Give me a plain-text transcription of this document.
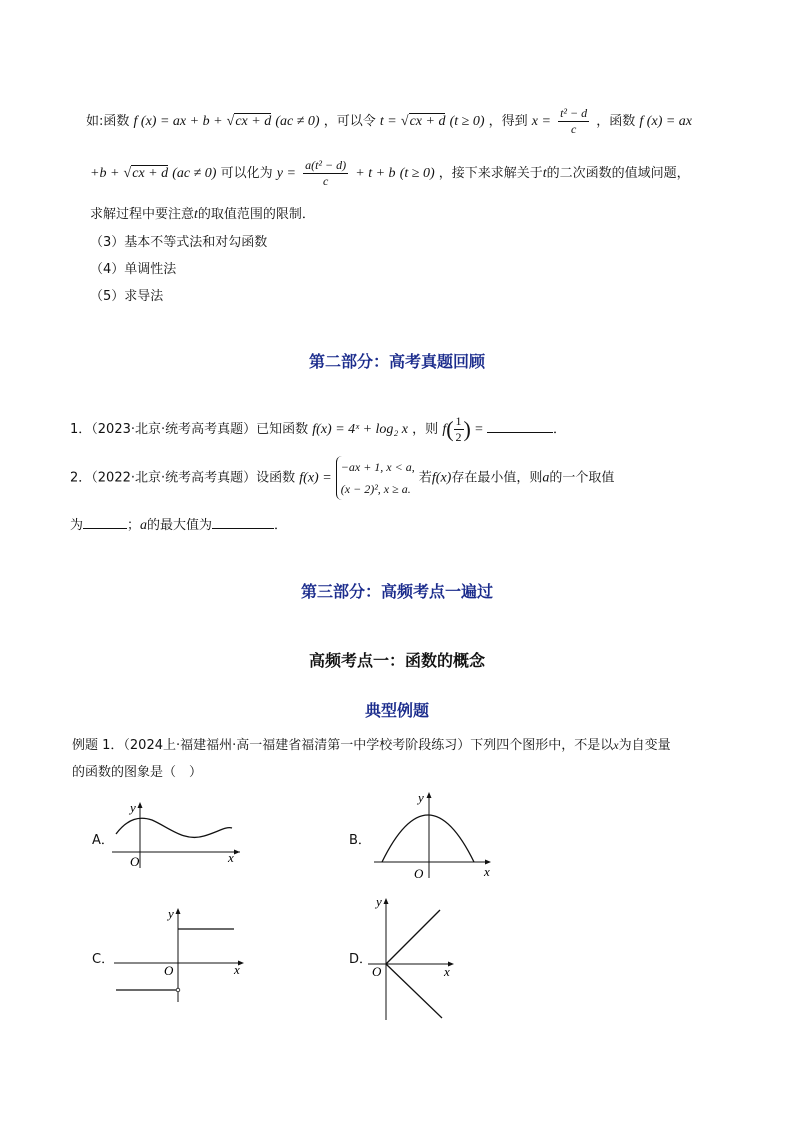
如:函数 f (x) = ax + b + √cx + d (ac ≠ 0) ，可以令 t = √cx + d (t ≥ 0) ，得到 $x = \frac{\text{t² − d}}{c}$ ，函数 f (x) = ax
+b + √cx + d (ac ≠ 0) 可以化为 $y = \frac{\text{a(t² − d)}}{c} + t + b$ (t ≥ 0) ，接下来求解关于t的二次函数的值域问题，
求解过程中要注意t的取值范围的限制．
（3）基本不等式法和对勾函数
（4）单调性法
（5）求导法
第二部分：高考真题回顾
1．（2023·北京·统考高考真题）已知函数 f(x) = 4ˣ + log₂ x ，则 $f( \frac{1}{2}$ ) =	．
2．（2022·北京·统考高考真题）设函数 f(x) =
−ax + 1, x < a,
(x − 2)², x ≥ a.
若f(x)存在最小值，则a的一个取值
为	；a的最大值为	．
第三部分：高频考点一遍过
高频考点一：函数的概念
典型例题
例题 1．（2024上·福建福州·高一福建省福清第一中学校考阶段练习）下列四个图形中，不是以x为自变量
的函数的图象是（　）
A．
O	x
y
B．
O	x
y
C．
O	x
y
D．
O	x
y
